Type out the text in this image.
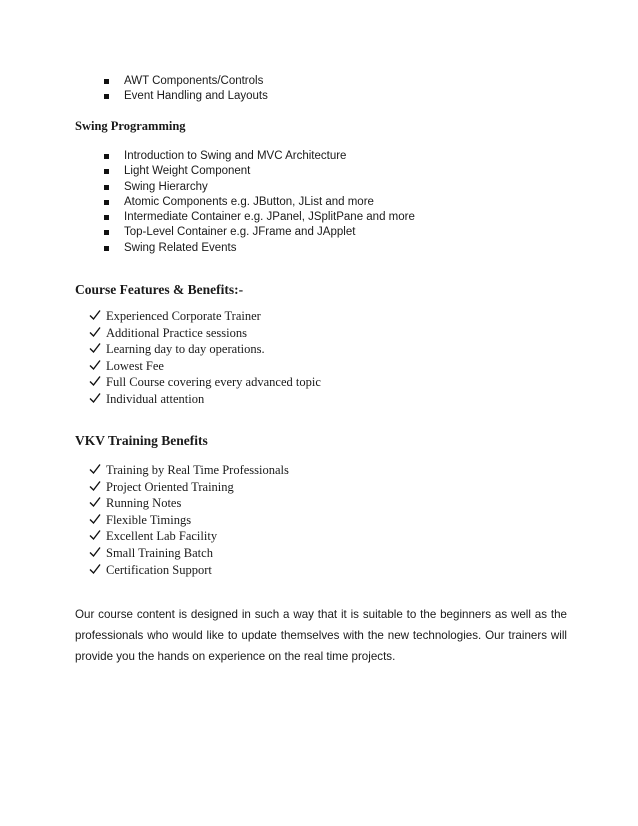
AWT Components/Controls
Event Handling and Layouts
Swing Programming
Introduction to Swing and MVC Architecture
Light Weight Component
Swing Hierarchy
Atomic Components e.g. JButton, JList and more
Intermediate Container e.g. JPanel, JSplitPane and more
Top-Level Container e.g. JFrame and JApplet
Swing Related Events
Course Features & Benefits:-
Experienced Corporate Trainer
Additional Practice sessions
Learning day to day operations.
Lowest Fee
Full Course covering every advanced topic
Individual attention
VKV Training Benefits
Training by Real Time Professionals
Project Oriented Training
Running Notes
Flexible Timings
Excellent Lab Facility
Small Training Batch
Certification Support

Our course content is designed in such a way that it is suitable to the beginners as well as the professionals who would like to update themselves with the new technologies. Our trainers will provide you the hands on experience on the real time projects.
